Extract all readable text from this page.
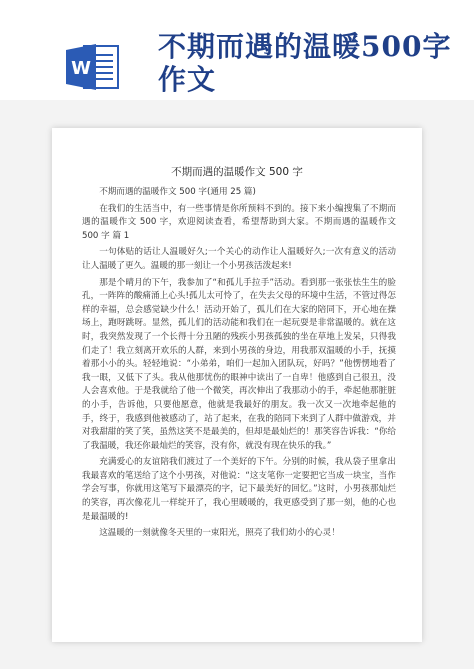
W
不期而遇的温暖500字作文
不期而遇的温暖作文 500 字

不期而遇的温暖作文 500 字(通用 25 篇)

在我们的生活当中，有一些事情是你所预料不到的。接下来小编搜集了不期而遇的温暖作文 500 字，欢迎阅读查看，希望帮助到大家。不期而遇的温暖作文 500 字 篇 1

一句体贴的话让人温暖好久;一个关心的动作让人温暖好久;一次有意义的活动让人温暖了更久。温暖的那一刻让一个小男孩活泼起来!

那是个晴月的下午，我参加了“和孤儿手拉手”活动。看到那一张张怯生生的脸孔，一阵阵的酸痛涌上心头!孤儿太可怜了，在失去父母的环境中生活，不管过得怎样的幸福，总会感觉缺少什么！活动开始了，孤儿们在大家的陪同下，开心地在操场上，跑呀跳呀。显然，孤儿们的活动能和我们在一起玩耍是非常温暖的。就在这时，我突然发现了一个长得十分丑陋的残疾小男孩孤独的坐在草地上发呆，只得我们走了！我立刻离开欢乐的人群，来到小男孩的身边，用我那双温暖的小手，抚摸着那小小的头。轻轻地说：“小弟弟，咱们一起加入团队玩，好吗？”他愣愣地看了我一眼，又低下了头。我从他那忧伤的眼神中读出了一自卑！他感到自己很丑，没人会喜欢他。于是我就给了他一个微笑，再次伸出了我那动小的手，牵起他那脏脏的小手，告诉他，只要他愿意，他就是我最好的朋友。我一次又一次地牵起他的手，终于，我感到他被感动了，站了起来，在我的陪同下来到了人群中做游戏，并对我甜甜的笑了笑，虽然这笑不是最美的，但却是最灿烂的！那笑容告诉我：“你给了我温暖，我还你最灿烂的笑容，没有你，就没有现在快乐的我。”

充满爱心的友谊陪我们渡过了一个美好的下午。分别的时候，我从袋子里拿出我最喜欢的笔送给了这个小男孩，对他说：“这支笔你一定要把它当成一块宝，当作学会写事，你就用这笔写下最漂亮的字，记下最美好的回忆。”这时，小男孩那灿烂的笑容，再次像花儿一样绽开了，我心里暖暖的，我更感受到了那一刻，他的心也是最温暖的!

这温暖的一刻就像冬天里的一束阳光，照亮了我们幼小的心灵！
